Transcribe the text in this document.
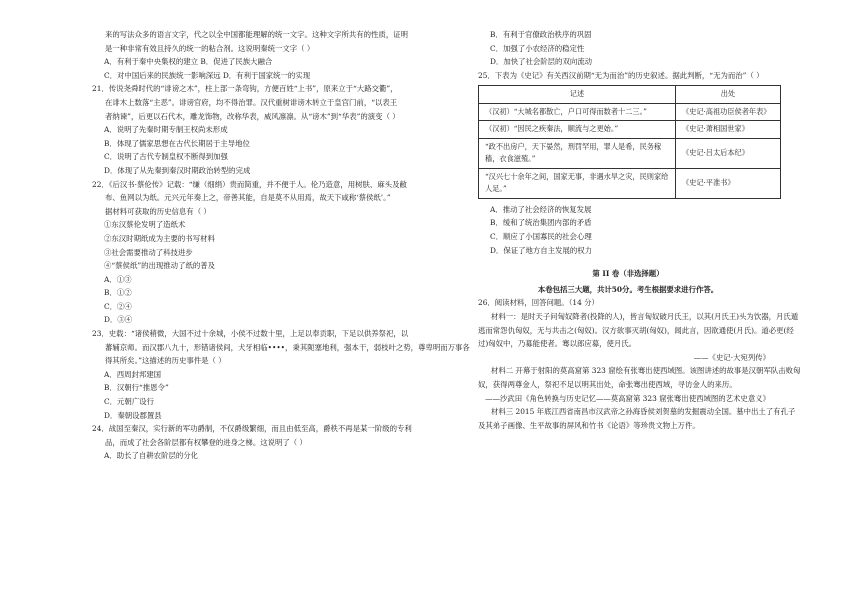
来的写法众多的语言文字，代之以全中国都能理解的统一文字。这种文字所共有的性质，证明

是一种非常有效且持久的统一的粘合剂。这说明秦统一文字（ ）

A．有利于秦中央集权的建立 B．促进了民族大融合

C．对中国后来的民族统一影响深远 D．有利于国家统一的实现

21．传说尧舜时代的“诽谤之木”，柱上部一条弯钩，方便百姓“上书”，原来立于“大路交衢”，

在诽木上数落“主恶”。诽谤官府，均不得治罪。汉代重树诽谤木转立于皇宫门前，“以表王

者纳谏”，后更以石代木，雕龙饰物，改称华表，威风凛凛。从“谤木”到“华表”的演变（ ）

A．说明了先秦时期专制王权尚未形成

B．体现了儒家思想在古代长期居于主导地位

C．说明了古代专制皇权不断得到加强

D．体现了从先秦到秦汉时期政治转型的完成

22．《后汉书·蔡伦传》记载：“缣（细绢）贵而简重，并不便于人。伦乃造意，用树肤、麻头及敝

布、鱼网以为纸。元兴元年奏上之，帝善其能，自是莫不从用焉，故天下咸称‘蔡侯纸’。”

据材料可获取的历史信息有（ ）

①东汉蔡伦发明了造纸术

②东汉时期纸成为主要的书写材料

③社会需要推动了科技进步

④“蔡侯纸”的出现推动了纸的普及

A．①③

B．①②

C．②④

D．③④

23．史载：“诸侯稍微，大国不过十余城，小侯不过数十里，上足以奉贡职，下足以供养祭祀，以

蕃辅京师。而汉郡八九十，形错诸侯间，犬牙相临••••，秉其阨塞地利，强本干，弱枝叶之势，尊卑明而万事各

得其所矣。”这描述的历史事件是（ ）

A．西周封邦建国

B．汉朝行“推恩令”

C．元朝广设行

D．秦朝设郡置县

24．战国至秦汉，实行新的军功爵制，不仅爵级繁细，而且由低至高，爵秩不再是某一阶级的专利

品，而成了社会各阶层都有权攀登的进身之梯。这说明了（ ）

A．助长了自耕农阶层的分化

B．有利于官僚政治秩序的巩固

C．加强了小农经济的稳定性

D．加快了社会阶层的双向流动

25．下表为《史记》有关西汉前期“无为而治”的历史叙述。据此判断，“无为而治”（ ）

记述	出处
（汉初）“大城名都散亡，户口可得而数者十二三。”	《史记·高祖功臣侯者年表》
（汉初）“因民之疾秦法，顺流与之更始。”	《史记·萧相国世家》
“政不出房户，天下晏然，刑罚罕用，罪人是希，民务稼穑，衣食滋殖。”	《史记·吕太后本纪》
“汉兴七十余年之间，国家无事，非遇水旱之灾，民则家给人足。”	《史记·平准书》

A．推动了社会经济的恢复发展

B．缓和了统治集团内部的矛盾

C．顺应了小国寡民的社会心理

D．保证了地方自主发展的权力

第 II 卷（非选择题）

本卷包括三大题，共计50分。考生根据要求进行作答。

26．阅读材料，回答问题。（14 分）

材料一：是时天子问匈奴降者(投降的人)，皆言匈奴破月氏王，以其(月氏王)头为饮器，月氏遁

逃而常怨仇匈奴，无与共击之(匈奴)。汉方欲事灭胡(匈奴)，闻此言，因欲通使(月氏)。道必更(经

过)匈奴中，乃募能使者。骞以郎应募，使月氏。

——《史记·大宛列传》

材料二 开幕于射阳的莫高窟第 323 窟绘有张骞出使西域图。该图讲述的故事是汉朝军队击败匈

奴，获得两尊金人，祭祀不足以明其出处，命张骞出使西域，寻访金人的来历。

——沙武田《角色转换与历史记忆——莫高窟第 323 窟张骞出使西域图的艺术史意义》

材料三 2015 年底江西省南昌市汉武帝之孙海昏侯刘贺墓的发掘震动全国。墓中出土了有孔子

及其弟子画像、生平故事的屏风和竹书《论语》等珍贵文物上万件。
